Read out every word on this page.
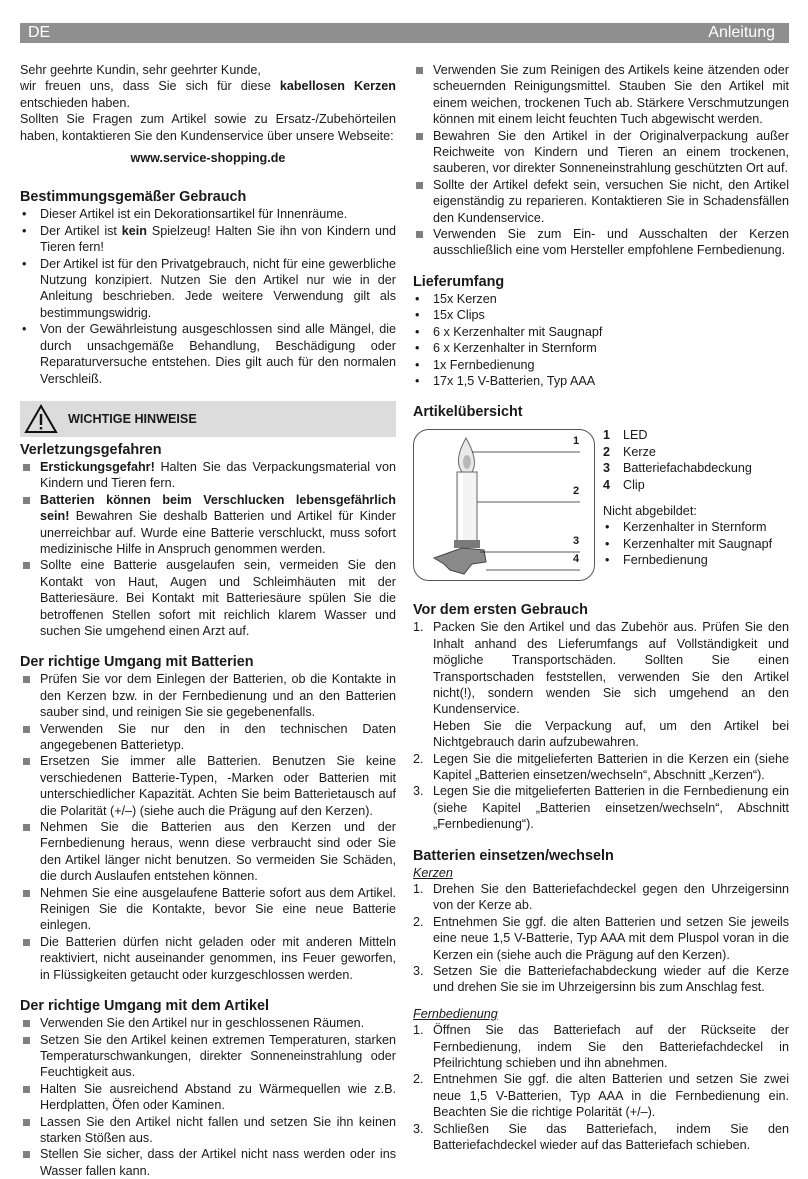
DE	Anleitung

Sehr geehrte Kundin, sehr geehrter Kunde,

wir freuen uns, dass Sie sich für diese kabellosen Kerzen entschieden haben.

Sollten Sie Fragen zum Artikel sowie zu Ersatz-/Zubehörteilen haben, kontaktieren Sie den Kundenservice über unsere Webseite:

www.service-shopping.de

Bestimmungsgemäßer Gebrauch
• Dieser Artikel ist ein Dekorationsartikel für Innenräume.
• Der Artikel ist kein Spielzeug! Halten Sie ihn von Kindern und Tieren fern!
• Der Artikel ist für den Privatgebrauch, nicht für eine gewerbliche Nutzung konzipiert. Nutzen Sie den Artikel nur wie in der Anleitung beschrieben. Jede weitere Verwendung gilt als bestimmungswidrig.
• Von der Gewährleistung ausgeschlossen sind alle Mängel, die durch unsachgemäße Behandlung, Beschädigung oder Reparaturversuche entstehen. Dies gilt auch für den normalen Verschleiß.
WICHTIGE HINWEISE
Verletzungsgefahren
Erstickungsgefahr! Halten Sie das Verpackungsmaterial von Kindern und Tieren fern.
Batterien können beim Verschlucken lebensgefährlich sein! Bewahren Sie deshalb Batterien und Artikel für Kinder unerreichbar auf. Wurde eine Batterie verschluckt, muss sofort medizinische Hilfe in Anspruch genommen werden.
Sollte eine Batterie ausgelaufen sein, vermeiden Sie den Kontakt von Haut, Augen und Schleimhäuten mit der Batteriesäure. Bei Kontakt mit Batteriesäure spülen Sie die betroffenen Stellen sofort mit reichlich klarem Wasser und suchen Sie umgehend einen Arzt auf.
Der richtige Umgang mit Batterien
Prüfen Sie vor dem Einlegen der Batterien, ob die Kontakte in den Kerzen bzw. in der Fernbedienung und an den Batterien sauber sind, und reinigen Sie sie gegebenenfalls.
Verwenden Sie nur den in den technischen Daten angegebenen Batterietyp.
Ersetzen Sie immer alle Batterien. Benutzen Sie keine verschiedenen Batterie-Typen, -Marken oder Batterien mit unterschiedlicher Kapazität. Achten Sie beim Batterietausch auf die Polarität (+/–) (siehe auch die Prägung auf den Kerzen).
Nehmen Sie die Batterien aus den Kerzen und der Fernbedienung heraus, wenn diese verbraucht sind oder Sie den Artikel länger nicht benutzen. So vermeiden Sie Schäden, die durch Auslaufen entstehen können.
Nehmen Sie eine ausgelaufene Batterie sofort aus dem Artikel. Reinigen Sie die Kontakte, bevor Sie eine neue Batterie einlegen.
Die Batterien dürfen nicht geladen oder mit anderen Mitteln reaktiviert, nicht auseinander genommen, ins Feuer geworfen, in Flüssigkeiten getaucht oder kurzgeschlossen werden.
Der richtige Umgang mit dem Artikel
Verwenden Sie den Artikel nur in geschlossenen Räumen.
Setzen Sie den Artikel keinen extremen Temperaturen, starken Temperaturschwankungen, direkter Sonneneinstrahlung oder Feuchtigkeit aus.
Halten Sie ausreichend Abstand zu Wärmequellen wie z.B. Herdplatten, Öfen oder Kaminen.
Lassen Sie den Artikel nicht fallen und setzen Sie ihn keinen starken Stößen aus.
Stellen Sie sicher, dass der Artikel nicht nass werden oder ins Wasser fallen kann.
Verwenden Sie zum Reinigen des Artikels keine ätzenden oder scheuernden Reinigungsmittel. Stauben Sie den Artikel mit einem weichen, trockenen Tuch ab. Stärkere Verschmutzungen können mit einem leicht feuchten Tuch abgewischt werden.
Bewahren Sie den Artikel in der Originalverpackung außer Reichweite von Kindern und Tieren an einem trockenen, sauberen, vor direkter Sonneneinstrahlung geschützten Ort auf.
Sollte der Artikel defekt sein, versuchen Sie nicht, den Artikel eigenständig zu reparieren. Kontaktieren Sie in Schadensfällen den Kundenservice.
Verwenden Sie zum Ein- und Ausschalten der Kerzen ausschließlich eine vom Hersteller empfohlene Fernbedienung.
Lieferumfang
• 15x Kerzen
• 15x Clips
• 6 x Kerzenhalter mit Saugnapf
• 6 x Kerzenhalter in Sternform
• 1x Fernbedienung
• 17x 1,5 V-Batterien, Typ AAA
Artikelübersicht
1
2
3
4
1 LED
2 Kerze
3 Batteriefachabdeckung
4 Clip
Nicht abgebildet:
• Kerzenhalter in Sternform
• Kerzenhalter mit Saugnapf
• Fernbedienung
Vor dem ersten Gebrauch
1. Packen Sie den Artikel und das Zubehör aus. Prüfen Sie den Inhalt anhand des Lieferumfangs auf Vollständigkeit und mögliche Transportschäden. Sollten Sie einen Transportschaden feststellen, verwenden Sie den Artikel nicht(!), sondern wenden Sie sich umgehend an den Kundenservice.
Heben Sie die Verpackung auf, um den Artikel bei Nichtgebrauch darin aufzubewahren.
2. Legen Sie die mitgelieferten Batterien in die Kerzen ein (siehe Kapitel „Batterien einsetzen/wechseln“, Abschnitt „Kerzen“).
3. Legen Sie die mitgelieferten Batterien in die Fernbedienung ein (siehe Kapitel „Batterien einsetzen/wechseln“, Abschnitt „Fernbedienung“).
Batterien einsetzen/wechseln
Kerzen
1. Drehen Sie den Batteriefachdeckel gegen den Uhrzeigersinn von der Kerze ab.
2. Entnehmen Sie ggf. die alten Batterien und setzen Sie jeweils eine neue 1,5 V-Batterie, Typ AAA mit dem Pluspol voran in die Kerzen ein (siehe auch die Prägung auf den Kerzen).
3. Setzen Sie die Batteriefachabdeckung wieder auf die Kerze und drehen Sie sie im Uhrzeigersinn bis zum Anschlag fest.
Fernbedienung
1. Öffnen Sie das Batteriefach auf der Rückseite der Fernbedienung, indem Sie den Batteriefachdeckel in Pfeilrichtung schieben und ihn abnehmen.
2. Entnehmen Sie ggf. die alten Batterien und setzen Sie zwei neue 1,5 V-Batterien, Typ AAA in die Fernbedienung ein. Beachten Sie die richtige Polarität (+/–).
3. Schließen Sie das Batteriefach, indem Sie den Batteriefachdeckel wieder auf das Batteriefach schieben.
